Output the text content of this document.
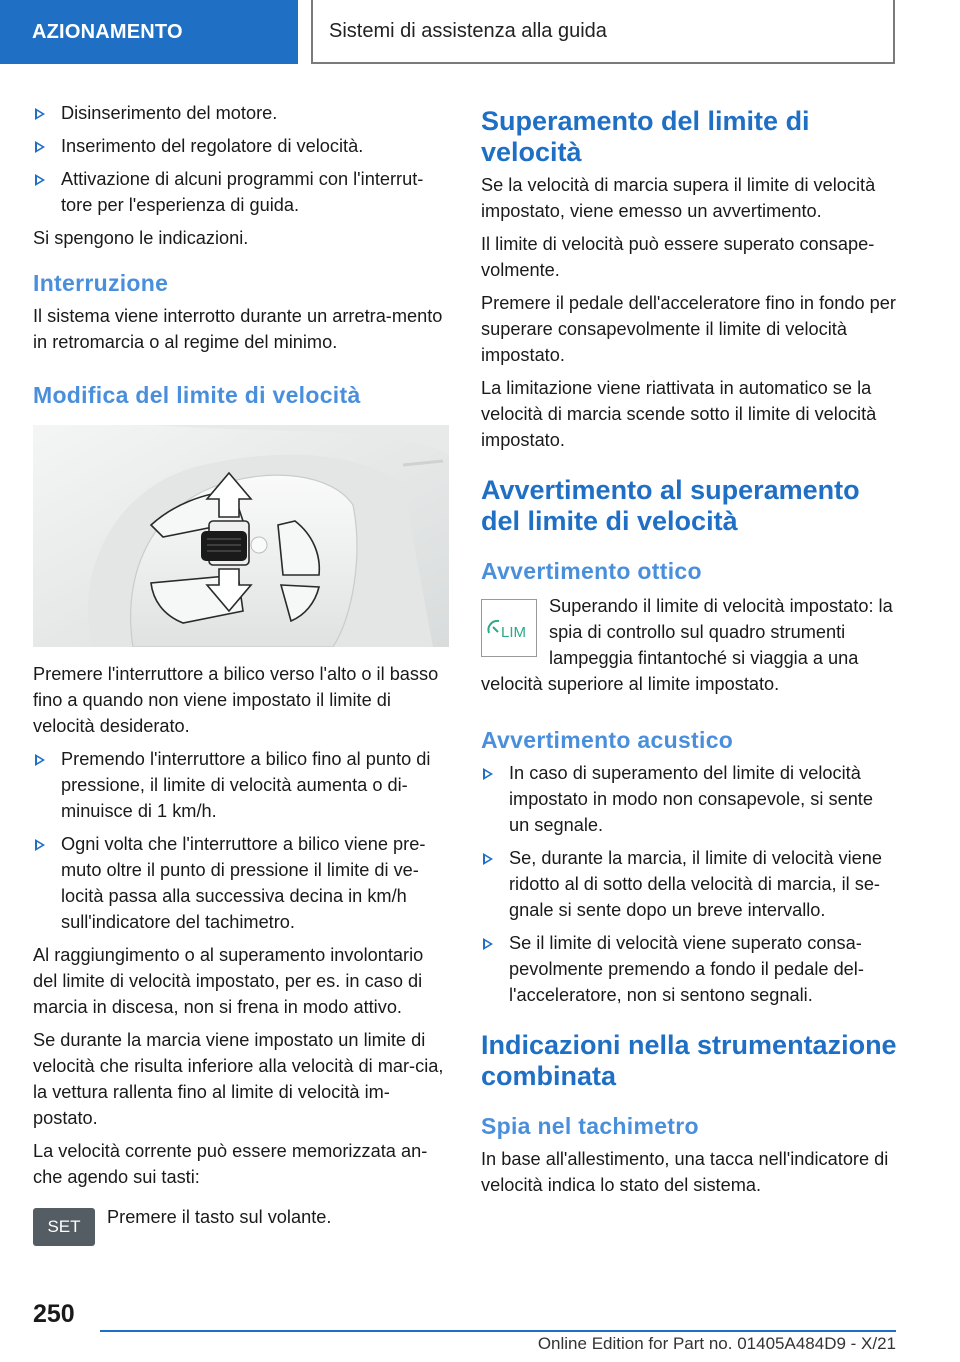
AZIONAMENTO	Sistemi di assistenza alla guida
Disinserimento del motore.
Inserimento del regolatore di velocità.
Attivazione di alcuni programmi con l'interrut-tore per l'esperienza di guida.

Si spengono le indicazioni.

Interruzione

Il sistema viene interrotto durante un arretra-mento in retromarcia o al regime del minimo.

Modifica del limite di velocità

Premere l'interruttore a bilico verso l'alto o il basso fino a quando non viene impostato il limite di velocità desiderato.

Premendo l'interruttore a bilico fino al punto di pressione, il limite di velocità aumenta o di-minuisce di 1 km/h.
Ogni volta che l'interruttore a bilico viene pre-muto oltre il punto di pressione il limite di ve-locità passa alla successiva decina in km/h sull'indicatore del tachimetro.

Al raggiungimento o al superamento involontario del limite di velocità impostato, per es. in caso di marcia in discesa, non si frena in modo attivo.

Se durante la marcia viene impostato un limite di velocità che risulta inferiore alla velocità di mar-cia, la vettura rallenta fino al limite di velocità im-postato.

La velocità corrente può essere memorizzata an-che agendo sui tasti:

SET	Premere il tasto sul volante.

Superamento del limite di velocità

Se la velocità di marcia supera il limite di velocità impostato, viene emesso un avvertimento.

Il limite di velocità può essere superato consape-volmente.

Premere il pedale dell'acceleratore fino in fondo per superare consapevolmente il limite di velocità impostato.

La limitazione viene riattivata in automatico se la velocità di marcia scende sotto il limite di velocità impostato.

Avvertimento al superamento del limite di velocità
Avvertimento ottico
LIM

Superando il limite di velocità impostato: la spia di controllo sul quadro strumenti lampeggia fintantoché si viaggia a una velocità superiore al limite impostato.

Avvertimento acustico
In caso di superamento del limite di velocità impostato in modo non consapevole, si sente un segnale.
Se, durante la marcia, il limite di velocità viene ridotto al di sotto della velocità di marcia, il se-gnale si sente dopo un breve intervallo.
Se il limite di velocità viene superato consa-pevolmente premendo a fondo il pedale del-l'acceleratore, non si sentono segnali.
Indicazioni nella strumentazione combinata
Spia nel tachimetro

In base all'allestimento, una tacca nell'indicatore di velocità indica lo stato del sistema.

250
Online Edition for Part no. 01405A484D9 - X/21
